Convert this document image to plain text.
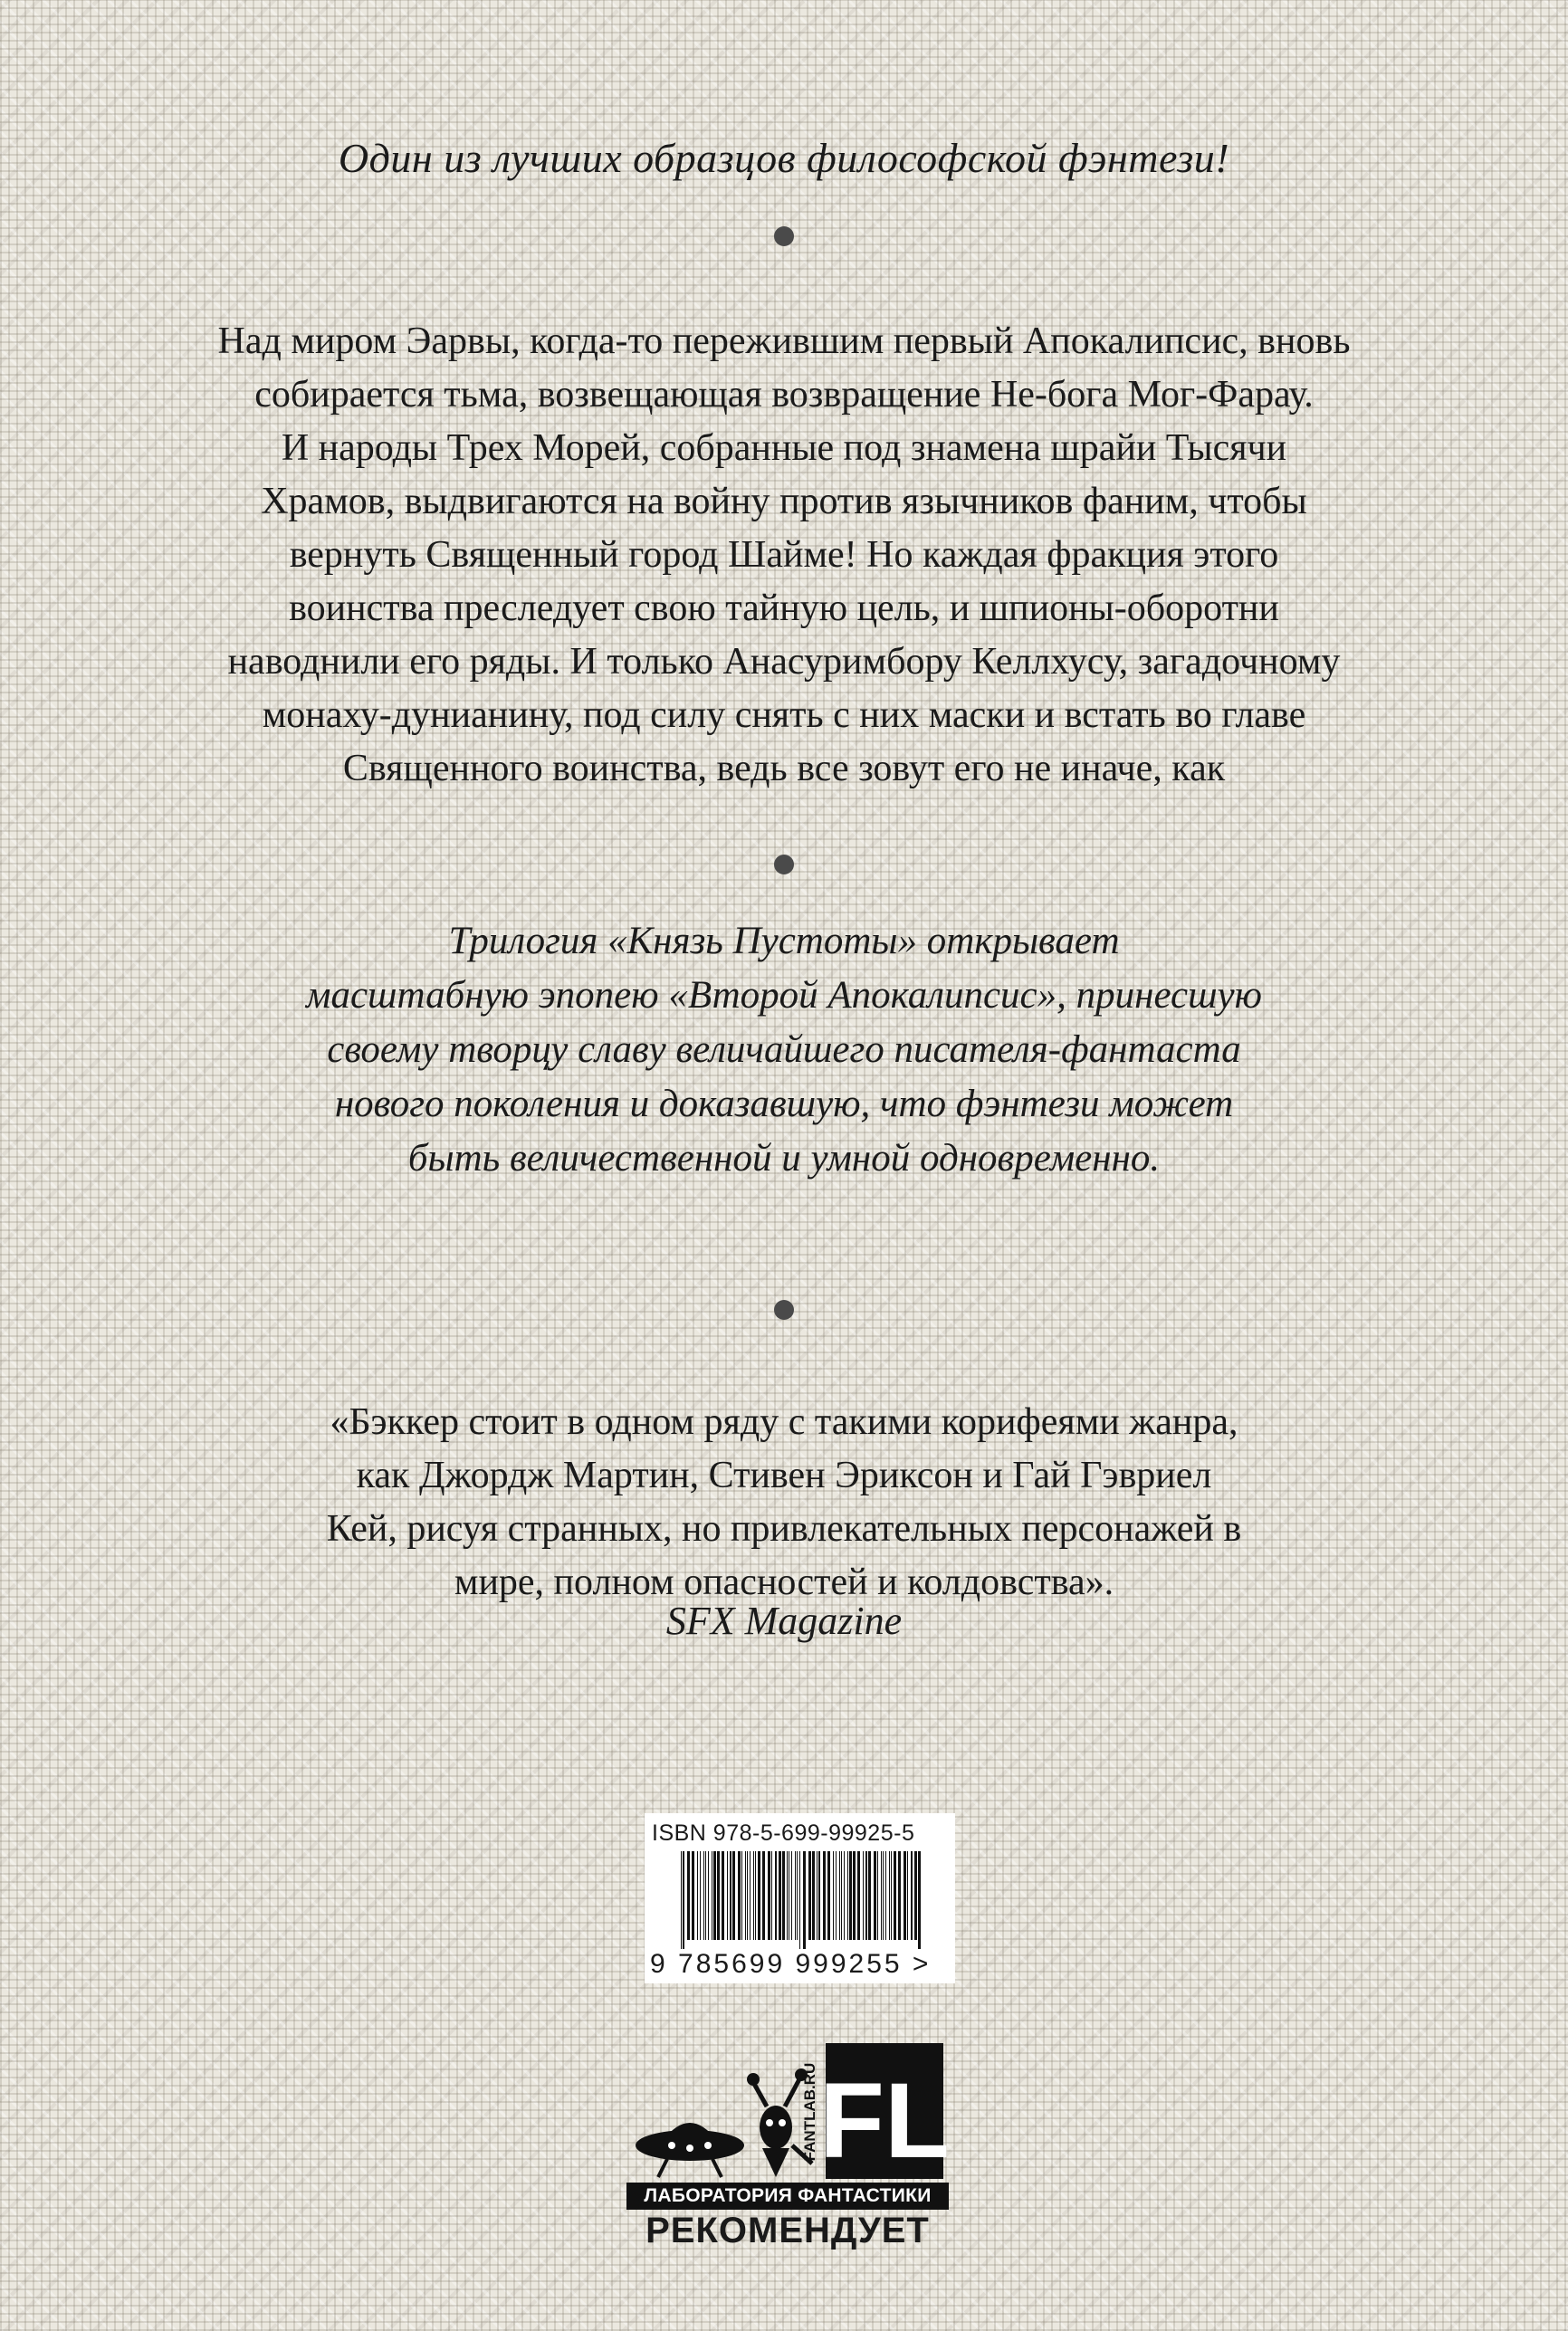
Один из лучших образцов философской фэнтези!
Над миром Эарвы, когда-то пережившим первый Апокалипсис, вновь
собирается тьма, возвещающая возвращение Не-бога Мог-Фарау.
И народы Трех Морей, собранные под знамена шрайи Тысячи
Храмов, выдвигаются на войну против язычников фаним, чтобы
вернуть Священный город Шайме! Но каждая фракция этого
воинства преследует свою тайную цель, и шпионы-оборотни
наводнили его ряды. И только Анасуримбору Келлхусу, загадочному
монаху-дунианину, под силу снять с них маски и встать во главе
Священного воинства, ведь все зовут его не иначе, как
Трилогия «Князь Пустоты» открывает
масштабную эпопею «Второй Апокалипсис», принесшую
своему творцу славу величайшего писателя-фантаста
нового поколения и доказавшую, что фэнтези может
быть величественной и умной одновременно.
«Бэккер стоит в одном ряду с такими корифеями жанра,
как Джордж Мартин, Стивен Эриксон и Гай Гэвриел
Кей, рисуя странных, но привлекательных персонажей в
мире, полном опасностей и колдовства».
SFX Magazine
ISBN 978-5-699-99925-5
9 785699 999255 >
FL
FANTLAB.RU
ЛАБОРАТОРИЯ ФАНТАСТИКИ
РЕКОМЕНДУЕТ
